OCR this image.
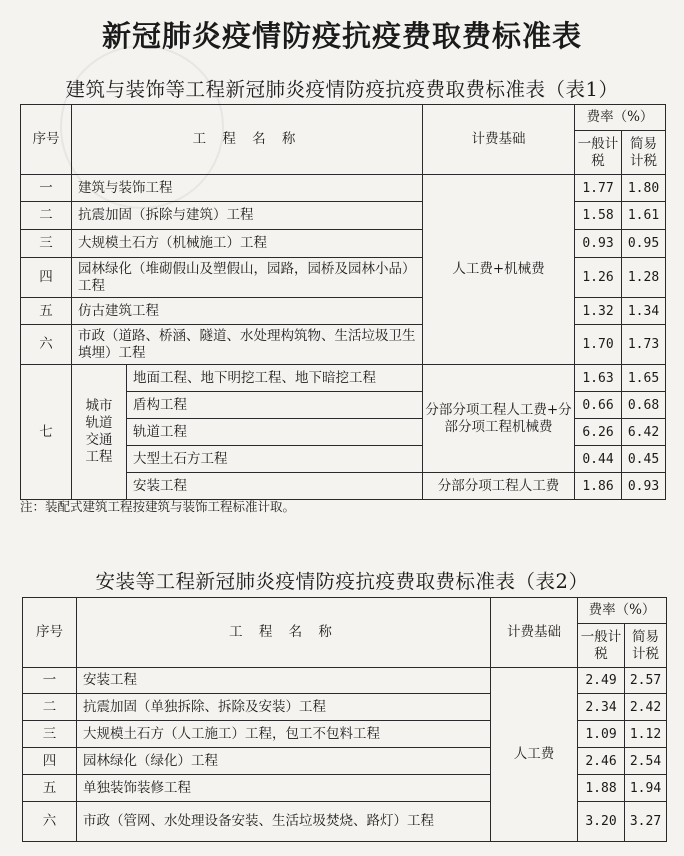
新冠肺炎疫情防疫抗疫费取费标准表
建筑与装饰等工程新冠肺炎疫情防疫抗疫费取费标准表（表1）
序号	工 程 名 称		计费基础	费率（%）	
				一般计税	简易计税
一	建筑与装饰工程		人工费+机械费	1.77	1.80
二	抗震加固（拆除与建筑）工程			1.58	1.61
三	大规模土石方（机械施工）工程			0.93	0.95
四	园林绿化（堆砌假山及塑假山，园路，园桥及园林小品）工程			1.26	1.28
五	仿古建筑工程			1.32	1.34
六	市政（道路、桥涵、隧道、水处理构筑物、生活垃圾卫生填埋）工程			1.70	1.73
七	城市轨道交通工程	地面工程、地下明挖工程、地下暗挖工程	分部分项工程人工费+分部分项工程机械费	1.63	1.65
		盾构工程		0.66	0.68
		轨道工程		6.26	6.42
		大型土石方工程		0.44	0.45
		安装工程	分部分项工程人工费	1.86	0.93
注：装配式建筑工程按建筑与装饰工程标准计取。
安装等工程新冠肺炎疫情防疫抗疫费取费标准表（表2）
序号	工 程 名 称	计费基础	费率（%）	
			一般计税	简易计税
一	安装工程	人工费	2.49	2.57
二	抗震加固（单独拆除、拆除及安装）工程		2.34	2.42
三	大规模土石方（人工施工）工程，包工不包料工程		1.09	1.12
四	园林绿化（绿化）工程		2.46	2.54
五	单独装饰装修工程		1.88	1.94
六	市政（管网、水处理设备安装、生活垃圾焚烧、路灯）工程		3.20	3.27
